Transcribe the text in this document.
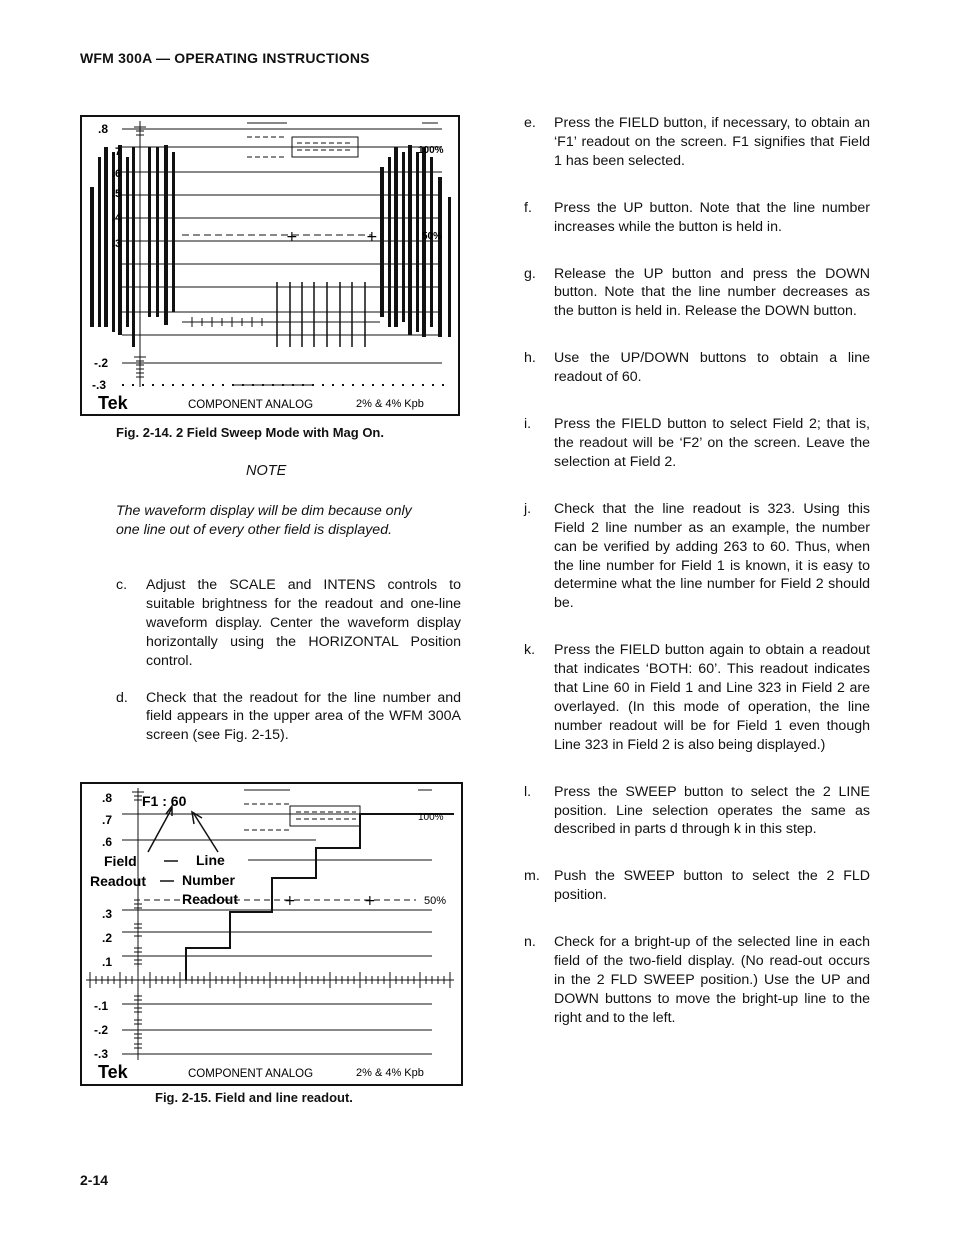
WFM 300A — OPERATING INSTRUCTIONS
+	+
.8
.7
.6
.5
.4
.3
-.2
-.3
100%
50%
Tek	COMPONENT ANALOG	2% & 4% Kpb
Fig. 2-14. 2 Field Sweep Mode with Mag On.
NOTE
The waveform display will be dim because only one line out of every other field is displayed.
c.	Adjust the SCALE and INTENS controls to suitable brightness for the readout and one-line waveform display. Center the waveform display horizontally using the HORIZONTAL Position control.
d.	Check that the readout for the line number and field appears in the upper area of the WFM 300A screen (see Fig. 2-15).
+	+
F1 : 60
Field
Readout
Line
Number
Readout
.8
.7
.6
.3
.2
.1
-.1
-.2
-.3
100%
50%
Tek	COMPONENT ANALOG	2% & 4% Kpb
Fig. 2-15. Field and line readout.
e.	Press the FIELD button, if necessary, to obtain an ‘F1’ readout on the screen. F1 signifies that Field 1 has been selected.
f.	Press the UP button. Note that the line number increases while the button is held in.
g.	Release the UP button and press the DOWN button. Note that the line number decreases as the button is held in. Release the DOWN button.
h.	Use the UP/DOWN buttons to obtain a line readout of 60.
i.	Press the FIELD button to select Field 2; that is, the readout will be ‘F2’ on the screen. Leave the selection at Field 2.
j.	Check that the line readout is 323. Using this Field 2 line number as an example, the number can be verified by adding 263 to 60. Thus, when the line number for Field 1 is known, it is easy to determine what the line number for Field 2 should be.
k.	Press the FIELD button again to obtain a readout that indicates ‘BOTH: 60’. This readout indicates that Line 60 in Field 1 and Line 323 in Field 2 are overlayed. (In this mode of operation, the line number readout will be for Field 1 even though Line 323 in Field 2 is also being displayed.)
l.	Press the SWEEP button to select the 2 LINE position. Line selection operates the same as described in parts d through k in this step.
m.	Push the SWEEP button to select the 2 FLD position.
n.	Check for a bright-up of the selected line in each field of the two-field display. (No read-out occurs in the 2 FLD SWEEP position.) Use the UP and DOWN buttons to move the bright-up line to the right and to the left.
2-14
